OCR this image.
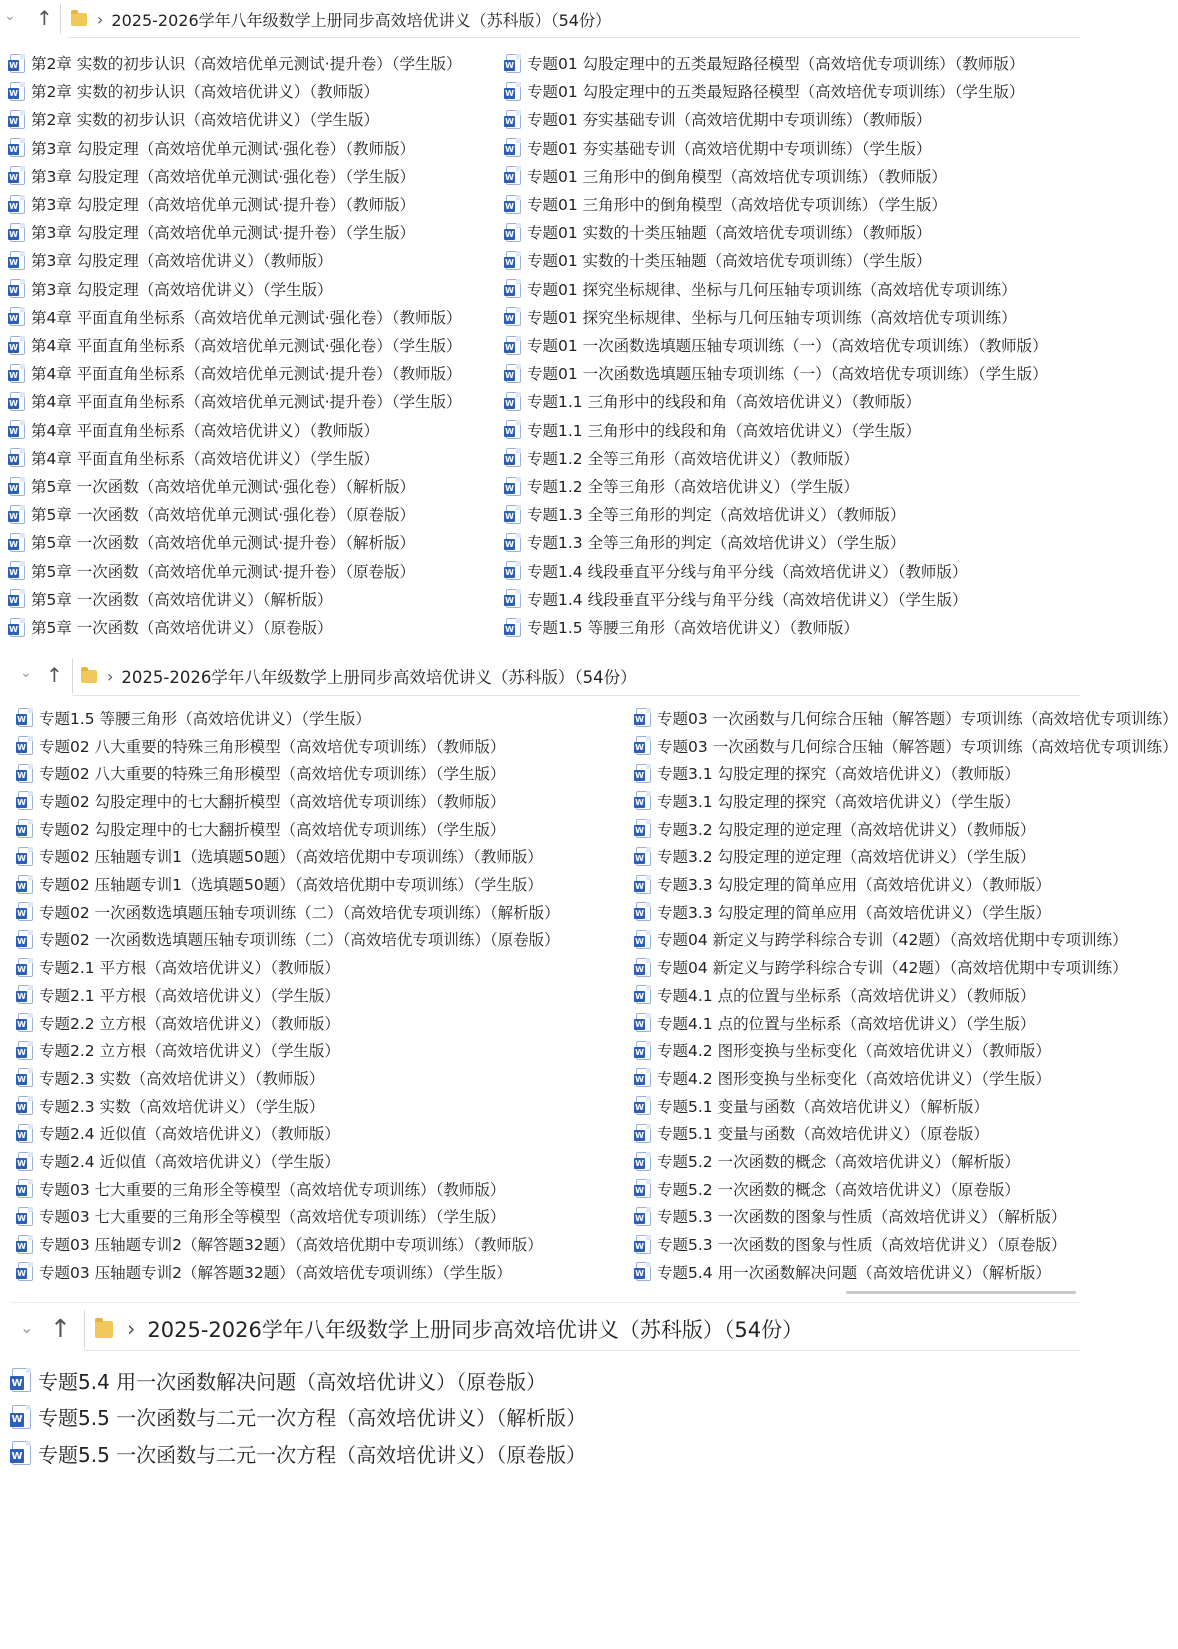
⌄ ↑	› 2025-2026学年八年级数学上册同步高效培优讲义（苏科版）（54份）
W 第2章 实数的初步认识（高效培优单元测试·提升卷）（学生版）
W 第2章 实数的初步认识（高效培优讲义）（教师版）
W 第2章 实数的初步认识（高效培优讲义）（学生版）
W 第3章 勾股定理（高效培优单元测试·强化卷）（教师版）
W 第3章 勾股定理（高效培优单元测试·强化卷）（学生版）
W 第3章 勾股定理（高效培优单元测试·提升卷）（教师版）
W 第3章 勾股定理（高效培优单元测试·提升卷）（学生版）
W 第3章 勾股定理（高效培优讲义）（教师版）
W 第3章 勾股定理（高效培优讲义）（学生版）
W 第4章 平面直角坐标系（高效培优单元测试·强化卷）（教师版）
W 第4章 平面直角坐标系（高效培优单元测试·强化卷）（学生版）
W 第4章 平面直角坐标系（高效培优单元测试·提升卷）（教师版）
W 第4章 平面直角坐标系（高效培优单元测试·提升卷）（学生版）
W 第4章 平面直角坐标系（高效培优讲义）（教师版）
W 第4章 平面直角坐标系（高效培优讲义）（学生版）
W 第5章 一次函数（高效培优单元测试·强化卷）（解析版）
W 第5章 一次函数（高效培优单元测试·强化卷）（原卷版）
W 第5章 一次函数（高效培优单元测试·提升卷）（解析版）
W 第5章 一次函数（高效培优单元测试·提升卷）（原卷版）
W 第5章 一次函数（高效培优讲义）（解析版）
W 第5章 一次函数（高效培优讲义）（原卷版）
W 专题01 勾股定理中的五类最短路径模型（高效培优专项训练）（教师版）
W 专题01 勾股定理中的五类最短路径模型（高效培优专项训练）（学生版）
W 专题01 夯实基础专训（高效培优期中专项训练）（教师版）
W 专题01 夯实基础专训（高效培优期中专项训练）（学生版）
W 专题01 三角形中的倒角模型（高效培优专项训练）（教师版）
W 专题01 三角形中的倒角模型（高效培优专项训练）（学生版）
W 专题01 实数的十类压轴题（高效培优专项训练）（教师版）
W 专题01 实数的十类压轴题（高效培优专项训练）（学生版）
W 专题01 探究坐标规律、坐标与几何压轴专项训练（高效培优专项训练）
W 专题01 探究坐标规律、坐标与几何压轴专项训练（高效培优专项训练）
W 专题01 一次函数选填题压轴专项训练（一）（高效培优专项训练）（教师版）
W 专题01 一次函数选填题压轴专项训练（一）（高效培优专项训练）（学生版）
W 专题1.1 三角形中的线段和角（高效培优讲义）（教师版）
W 专题1.1 三角形中的线段和角（高效培优讲义）（学生版）
W 专题1.2 全等三角形（高效培优讲义）（教师版）
W 专题1.2 全等三角形（高效培优讲义）（学生版）
W 专题1.3 全等三角形的判定（高效培优讲义）（教师版）
W 专题1.3 全等三角形的判定（高效培优讲义）（学生版）
W 专题1.4 线段垂直平分线与角平分线（高效培优讲义）（教师版）
W 专题1.4 线段垂直平分线与角平分线（高效培优讲义）（学生版）
W 专题1.5 等腰三角形（高效培优讲义）（教师版）
⌄ ↑	› 2025-2026学年八年级数学上册同步高效培优讲义（苏科版）（54份）
W 专题1.5 等腰三角形（高效培优讲义）（学生版）
W 专题02 八大重要的特殊三角形模型（高效培优专项训练）（教师版）
W 专题02 八大重要的特殊三角形模型（高效培优专项训练）（学生版）
W 专题02 勾股定理中的七大翻折模型（高效培优专项训练）（教师版）
W 专题02 勾股定理中的七大翻折模型（高效培优专项训练）（学生版）
W 专题02 压轴题专训1（选填题50题）（高效培优期中专项训练）（教师版）
W 专题02 压轴题专训1（选填题50题）（高效培优期中专项训练）（学生版）
W 专题02 一次函数选填题压轴专项训练（二）（高效培优专项训练）（解析版）
W 专题02 一次函数选填题压轴专项训练（二）（高效培优专项训练）（原卷版）
W 专题2.1 平方根（高效培优讲义）（教师版）
W 专题2.1 平方根（高效培优讲义）（学生版）
W 专题2.2 立方根（高效培优讲义）（教师版）
W 专题2.2 立方根（高效培优讲义）（学生版）
W 专题2.3 实数（高效培优讲义）（教师版）
W 专题2.3 实数（高效培优讲义）（学生版）
W 专题2.4 近似值（高效培优讲义）（教师版）
W 专题2.4 近似值（高效培优讲义）（学生版）
W 专题03 七大重要的三角形全等模型（高效培优专项训练）（教师版）
W 专题03 七大重要的三角形全等模型（高效培优专项训练）（学生版）
W 专题03 压轴题专训2（解答题32题）（高效培优期中专项训练）（教师版）
W 专题03 压轴题专训2（解答题32题）（高效培优专项训练）（学生版）
W 专题03 一次函数与几何综合压轴（解答题）专项训练（高效培优专项训练）
W 专题03 一次函数与几何综合压轴（解答题）专项训练（高效培优专项训练）
W 专题3.1 勾股定理的探究（高效培优讲义）（教师版）
W 专题3.1 勾股定理的探究（高效培优讲义）（学生版）
W 专题3.2 勾股定理的逆定理（高效培优讲义）（教师版）
W 专题3.2 勾股定理的逆定理（高效培优讲义）（学生版）
W 专题3.3 勾股定理的简单应用（高效培优讲义）（教师版）
W 专题3.3 勾股定理的简单应用（高效培优讲义）（学生版）
W 专题04 新定义与跨学科综合专训（42题）（高效培优期中专项训练）
W 专题04 新定义与跨学科综合专训（42题）（高效培优期中专项训练）
W 专题4.1 点的位置与坐标系（高效培优讲义）（教师版）
W 专题4.1 点的位置与坐标系（高效培优讲义）（学生版）
W 专题4.2 图形变换与坐标变化（高效培优讲义）（教师版）
W 专题4.2 图形变换与坐标变化（高效培优讲义）（学生版）
W 专题5.1 变量与函数（高效培优讲义）（解析版）
W 专题5.1 变量与函数（高效培优讲义）（原卷版）
W 专题5.2 一次函数的概念（高效培优讲义）（解析版）
W 专题5.2 一次函数的概念（高效培优讲义）（原卷版）
W 专题5.3 一次函数的图象与性质（高效培优讲义）（解析版）
W 专题5.3 一次函数的图象与性质（高效培优讲义）（原卷版）
W 专题5.4 用一次函数解决问题（高效培优讲义）（解析版）
⌄ ↑	› 2025-2026学年八年级数学上册同步高效培优讲义（苏科版）（54份）
W 专题5.4 用一次函数解决问题（高效培优讲义）（原卷版）
W 专题5.5 一次函数与二元一次方程（高效培优讲义）（解析版）
W 专题5.5 一次函数与二元一次方程（高效培优讲义）（原卷版）
